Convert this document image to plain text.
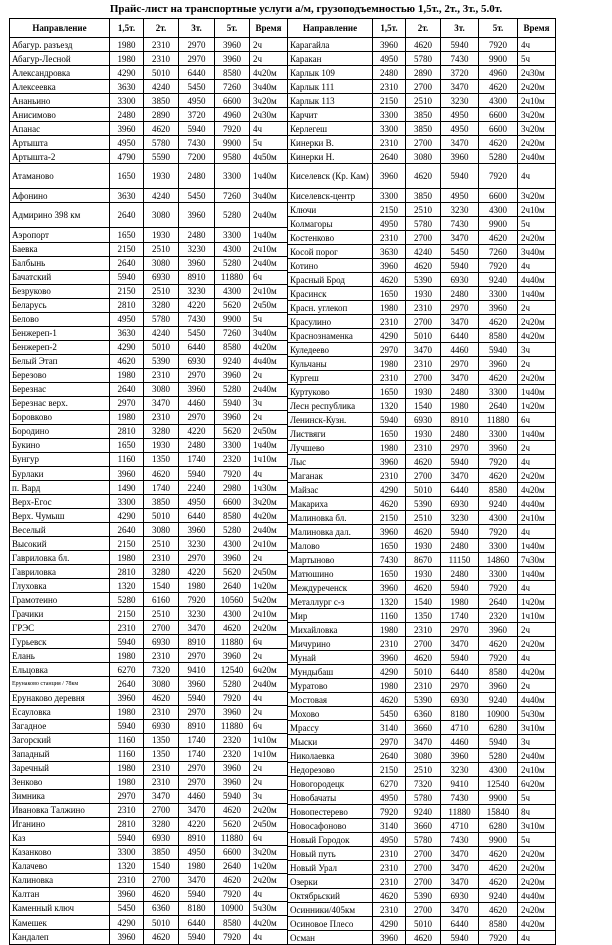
Прайс-лист на транспортные услуги а/м, грузоподъемностью 1,5т., 2т., 3т., 5.0т.
Направление	1,5т.	2т.	3т.	5т.	Время
Абагур. разъезд	1980	2310	2970	3960	2ч
Абагур-Лесной	1980	2310	2970	3960	2ч
Александровка	4290	5010	6440	8580	4ч20м
Алексеевка	3630	4240	5450	7260	3ч40м
Ананьино	3300	3850	4950	6600	3ч20м
Анисимово	2480	2890	3720	4960	2ч30м
Апанас	3960	4620	5940	7920	4ч
Артышта	4950	5780	7430	9900	5ч
Артышта-2	4790	5590	7200	9580	4ч50м
Атаманово	1650	1930	2480	3300	1ч40м
Афонино	3630	4240	5450	7260	3ч40м
Адмирино 398 км	2640	3080	3960	5280	2ч40м
Аэропорт	1650	1930	2480	3300	1ч40м
Баевка	2150	2510	3230	4300	2ч10м
Балбынь	2640	3080	3960	5280	2ч40м
Бачатский	5940	6930	8910	11880	6ч
Безруково	2150	2510	3230	4300	2ч10м
Беларусь	2810	3280	4220	5620	2ч50м
Белово	4950	5780	7430	9900	5ч
Бенжереп-1	3630	4240	5450	7260	3ч40м
Бенжереп-2	4290	5010	6440	8580	4ч20м
Белый Этап	4620	5390	6930	9240	4ч40м
Березово	1980	2310	2970	3960	2ч
Березнас	2640	3080	3960	5280	2ч40м
Березнас верх.	2970	3470	4460	5940	3ч
Боровково	1980	2310	2970	3960	2ч
Бородино	2810	3280	4220	5620	2ч50м
Букино	1650	1930	2480	3300	1ч40м
Бунгур	1160	1350	1740	2320	1ч10м
Бурлаки	3960	4620	5940	7920	4ч
п. Вард	1490	1740	2240	2980	1ч30м
Верх-Егос	3300	3850	4950	6600	3ч20м
Верх. Чумыш	4290	5010	6440	8580	4ч20м
Веселый	2640	3080	3960	5280	2ч40м
Высокий	2150	2510	3230	4300	2ч10м
Гавриловка бл.	1980	2310	2970	3960	2ч
Гавриловка	2810	3280	4220	5620	2ч50м
Глуховка	1320	1540	1980	2640	1ч20м
Грамотеино	5280	6160	7920	10560	5ч20м
Грачики	2150	2510	3230	4300	2ч10м
ГРЭС	2310	2700	3470	4620	2ч20м
Гурьевск	5940	6930	8910	11880	6ч
Елань	1980	2310	2970	3960	2ч
Ельцовка	6270	7320	9410	12540	6ч20м
Ерунаково станция / 78км	2640	3080	3960	5280	2ч40м
Ерунаково деревня	3960	4620	5940	7920	4ч
Есауловка	1980	2310	2970	3960	2ч
Загадное	5940	6930	8910	11880	6ч
Загорский	1160	1350	1740	2320	1ч10м
Западный	1160	1350	1740	2320	1ч10м
Заречный	1980	2310	2970	3960	2ч
Зенково	1980	2310	2970	3960	2ч
Зимника	2970	3470	4460	5940	3ч
Ивановка Талжино	2310	2700	3470	4620	2ч20м
Иганино	2810	3280	4220	5620	2ч50м
Каз	5940	6930	8910	11880	6ч
Казанково	3300	3850	4950	6600	3ч20м
Калачево	1320	1540	1980	2640	1ч20м
Калиновка	2310	2700	3470	4620	2ч20м
Калтан	3960	4620	5940	7920	4ч
Каменный ключ	5450	6360	8180	10900	5ч30м
Камешек	4290	5010	6440	8580	4ч20м
Кандалеп	3960	4620	5940	7920	4ч
Направление	1,5т.	2т.	3т.	5т.	Время
Карагайла	3960	4620	5940	7920	4ч
Каракан	4950	5780	7430	9900	5ч
Карлык 109	2480	2890	3720	4960	2ч30м
Карлык 111	2310	2700	3470	4620	2ч20м
Карлык 113	2150	2510	3230	4300	2ч10м
Карчит	3300	3850	4950	6600	3ч20м
Керлегеш	3300	3850	4950	6600	3ч20м
Кинерки В.	2310	2700	3470	4620	2ч20м
Кинерки Н.	2640	3080	3960	5280	2ч40м
Киселевск (Кр. Кам)	3960	4620	5940	7920	4ч
Киселевск-центр	3300	3850	4950	6600	3ч20м
Ключи	2150	2510	3230	4300	2ч10м
Колмагоры	4950	5780	7430	9900	5ч
Костенково	2310	2700	3470	4620	2ч20м
Косой порог	3630	4240	5450	7260	3ч40м
Котино	3960	4620	5940	7920	4ч
Красный Брод	4620	5390	6930	9240	4ч40м
Красинск	1650	1930	2480	3300	1ч40м
Красн. углекоп	1980	2310	2970	3960	2ч
Красулино	2310	2700	3470	4620	2ч20м
Краснознаменка	4290	5010	6440	8580	4ч20м
Куледеево	2970	3470	4460	5940	3ч
Кульчаны	1980	2310	2970	3960	2ч
Кургеш	2310	2700	3470	4620	2ч20м
Куртуково	1650	1930	2480	3300	1ч40м
Лесн республика	1320	1540	1980	2640	1ч20м
Ленинск-Кузн.	5940	6930	8910	11880	6ч
Листвяги	1650	1930	2480	3300	1ч40м
Лучшево	1980	2310	2970	3960	2ч
Лыс	3960	4620	5940	7920	4ч
Маганак	2310	2700	3470	4620	2ч20м
Майзас	4290	5010	6440	8580	4ч20м
Макариха	4620	5390	6930	9240	4ч40м
Малиновка бл.	2150	2510	3230	4300	2ч10м
Малиновка дал.	3960	4620	5940	7920	4ч
Малово	1650	1930	2480	3300	1ч40м
Мартыново	7430	8670	11150	14860	7ч30м
Матюшино	1650	1930	2480	3300	1ч40м
Междуреченск	3960	4620	5940	7920	4ч
Металлург с-з	1320	1540	1980	2640	1ч20м
Мир	1160	1350	1740	2320	1ч10м
Михайловка	1980	2310	2970	3960	2ч
Мичурино	2310	2700	3470	4620	2ч20м
Мунай	3960	4620	5940	7920	4ч
Мундыбаш	4290	5010	6440	8580	4ч20м
Муратово	1980	2310	2970	3960	2ч
Мостовая	4620	5390	6930	9240	4ч40м
Мохово	5450	6360	8180	10900	5ч30м
Мрассу	3140	3660	4710	6280	3ч10м
Мыски	2970	3470	4460	5940	3ч
Николаевка	2640	3080	3960	5280	2ч40м
Недорезово	2150	2510	3230	4300	2ч10м
Новогородецк	6270	7320	9410	12540	6ч20м
Новобачаты	4950	5780	7430	9900	5ч
Новопестерево	7920	9240	11880	15840	8ч
Новосафоново	3140	3660	4710	6280	3ч10м
Новый Городок	4950	5780	7430	9900	5ч
Новый путь	2310	2700	3470	4620	2ч20м
Новый Урал	2310	2700	3470	4620	2ч20м
Озерки	2310	2700	3470	4620	2ч20м
Октябрьский	4620	5390	6930	9240	4ч40м
Осинники/405км	2310	2700	3470	4620	2ч20м
Осиновое Плесо	4290	5010	6440	8580	4ч20м
Осман	3960	4620	5940	7920	4ч
